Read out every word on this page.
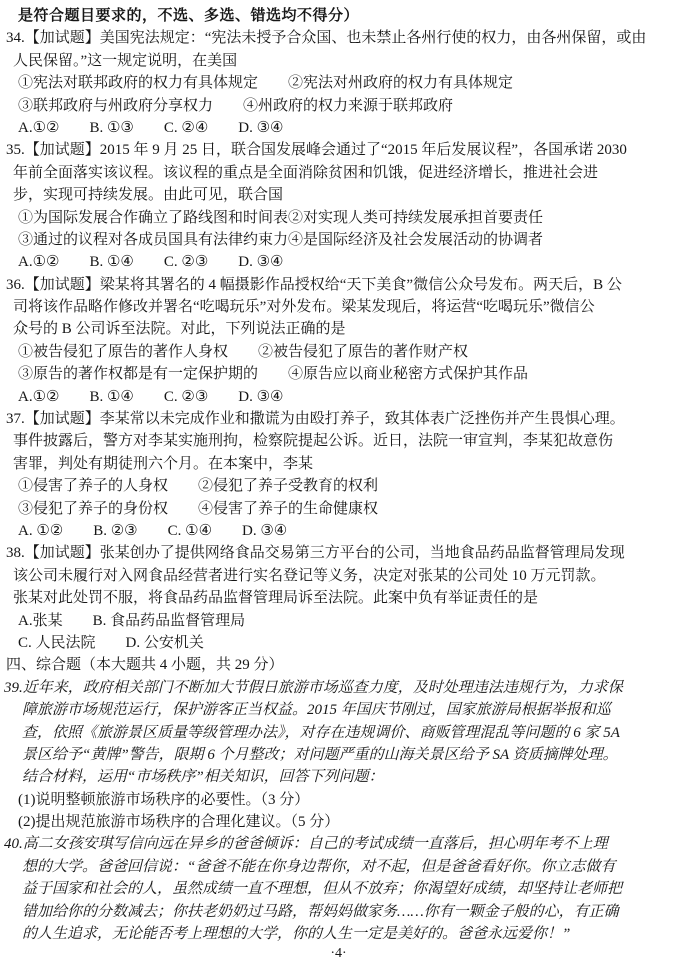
是符合题目要求的，不选、多选、错选均不得分）
34.【加试题】美国宪法规定：“宪法未授予合众国、也未禁止各州行使的权力，由各州保留，或由
人民保留。”这一规定说明，在美国
①宪法对联邦政府的权力有具体规定　　②宪法对州政府的权力有具体规定
③联邦政府与州政府分享权力　　④州政府的权力来源于联邦政府
A.①②　　B. ①③　　C. ②④　　D. ③④
35.【加试题】2015 年 9 月 25 日，联合国发展峰会通过了“2015 年后发展议程”，各国承诺 2030
年前全面落实该议程。该议程的重点是全面消除贫困和饥饿，促进经济增长，推进社会进
步，实现可持续发展。由此可见，联合国
①为国际发展合作确立了路线图和时间表②对实现人类可持续发展承担首要责任
③通过的议程对各成员国具有法律约束力④是国际经济及社会发展活动的协调者
A.①②　　B. ①④　　C. ②③　　D. ③④
36.【加试题】梁某将其署名的 4 幅摄影作品授权给“天下美食”微信公众号发布。两天后，B 公
司将该作品略作修改并署名“吃喝玩乐”对外发布。梁某发现后，将运营“吃喝玩乐”微信公
众号的 B 公司诉至法院。对此，下列说法正确的是
①被告侵犯了原告的著作人身权　　②被告侵犯了原告的著作财产权
③原告的著作权都是有一定保护期的　　④原告应以商业秘密方式保护其作品
A.①②　　B. ①④　　C. ②③　　D. ③④
37.【加试题】李某常以未完成作业和撒谎为由殴打养子，致其体表广泛挫伤并产生畏惧心理。
事件披露后，警方对李某实施刑拘，检察院提起公诉。近日，法院一审宣判，李某犯故意伤
害罪，判处有期徒刑六个月。在本案中，李某
①侵害了养子的人身权　　②侵犯了养子受教育的权利
③侵犯了养子的身份权　　④侵害了养子的生命健康权
A. ①②　　B. ②③　　C. ①④　　D. ③④
38.【加试题】张某创办了提供网络食品交易第三方平台的公司，当地食品药品监督管理局发现
该公司未履行对入网食品经营者进行实名登记等义务，决定对张某的公司处 10 万元罚款。
张某对此处罚不服，将食品药品监督管理局诉至法院。此案中负有举证责任的是
A.张某　　B. 食品药品监督管理局
C. 人民法院　　D. 公安机关
四、综合题（本大题共 4 小题，共 29 分）
39.近年来，政府相关部门不断加大节假日旅游市场巡查力度，及时处理违法违规行为，力求保
障旅游市场规范运行，保护游客正当权益。2015 年国庆节刚过，国家旅游局根据举报和巡
查，依照《旅游景区质量等级管理办法》，对存在违规调价、商贩管理混乱等问题的 6 家 5A
景区给予“黄牌”警告，限期 6 个月整改；对问题严重的山海关景区给予 SA 资质摘牌处理。
结合材料，运用“市场秩序”相关知识，回答下列问题：
(1)说明整顿旅游市场秩序的必要性。（3 分）
(2)提出规范旅游市场秩序的合理化建议。（5 分）
40.高二女孩安琪写信向远在异乡的爸爸倾诉：自己的考试成绩一直落后，担心明年考不上理
想的大学。爸爸回信说：“爸爸不能在你身边帮你，对不起，但是爸爸看好你。你立志做有
益于国家和社会的人，虽然成绩一直不理想，但从不放弃；你渴望好成绩，却坚持让老师把
错加给你的分数减去；你扶老奶奶过马路，帮妈妈做家务……你有一颗金子般的心，有正确
的人生追求，无论能否考上理想的大学，你的人生一定是美好的。爸爸永远爱你！”
·4·
